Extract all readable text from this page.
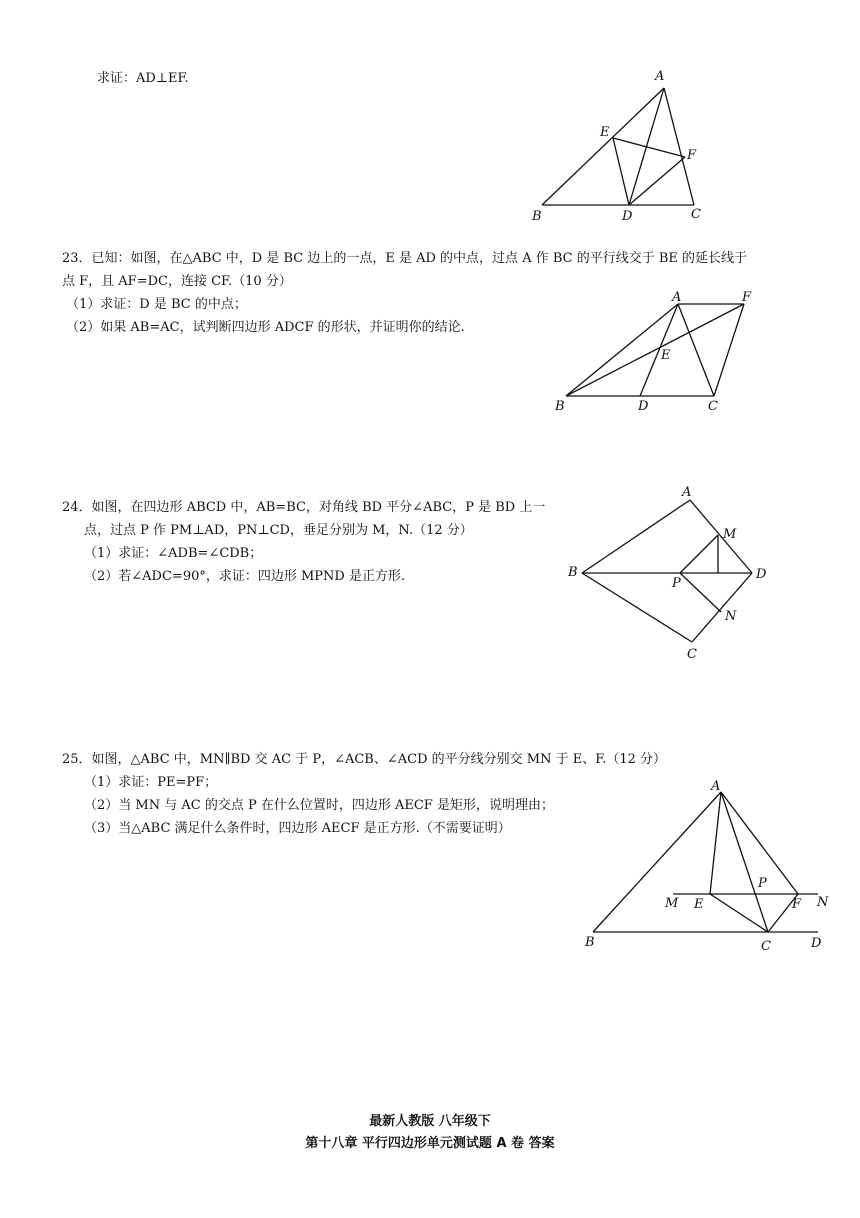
求证：AD⊥EF.	A
E
F
B	D	C
23．已知：如图，在△ABC 中，D 是 BC 边上的一点，E 是 AD 的中点，过点 A 作 BC 的平行线交于 BE 的延长线于
点 F，且 AF=DC，连接 CF.（10 分）
（1）求证：D 是 BC 的中点；
（2）如果 AB=AC，试判断四边形 ADCF 的形状，并证明你的结论.
A	F
E
B	D	C
24．如图，在四边形 ABCD 中，AB=BC，对角线 BD 平分∠ABC，P 是 BD 上一
点，过点 P 作 PM⊥AD，PN⊥CD，垂足分别为 M，N.（12 分）
（1）求证：∠ADB=∠CDB；
（2）若∠ADC=90°，求证：四边形 MPND 是正方形.
A
M
B
P
D
N
C
25．如图，△ABC 中，MN∥BD 交 AC 于 P，∠ACB、∠ACD 的平分线分别交 MN 于 E、F.（12 分）
（1）求证：PE=PF；
（2）当 MN 与 AC 的交点 P 在什么位置时，四边形 AECF 是矩形，说明理由；
（3）当△ABC 满足什么条件时，四边形 AECF 是正方形.（不需要证明）
A
P
M E	F N
B	C	D
最新人教版 八年级下
第十八章 平行四边形单元测试题 A 卷 答案
